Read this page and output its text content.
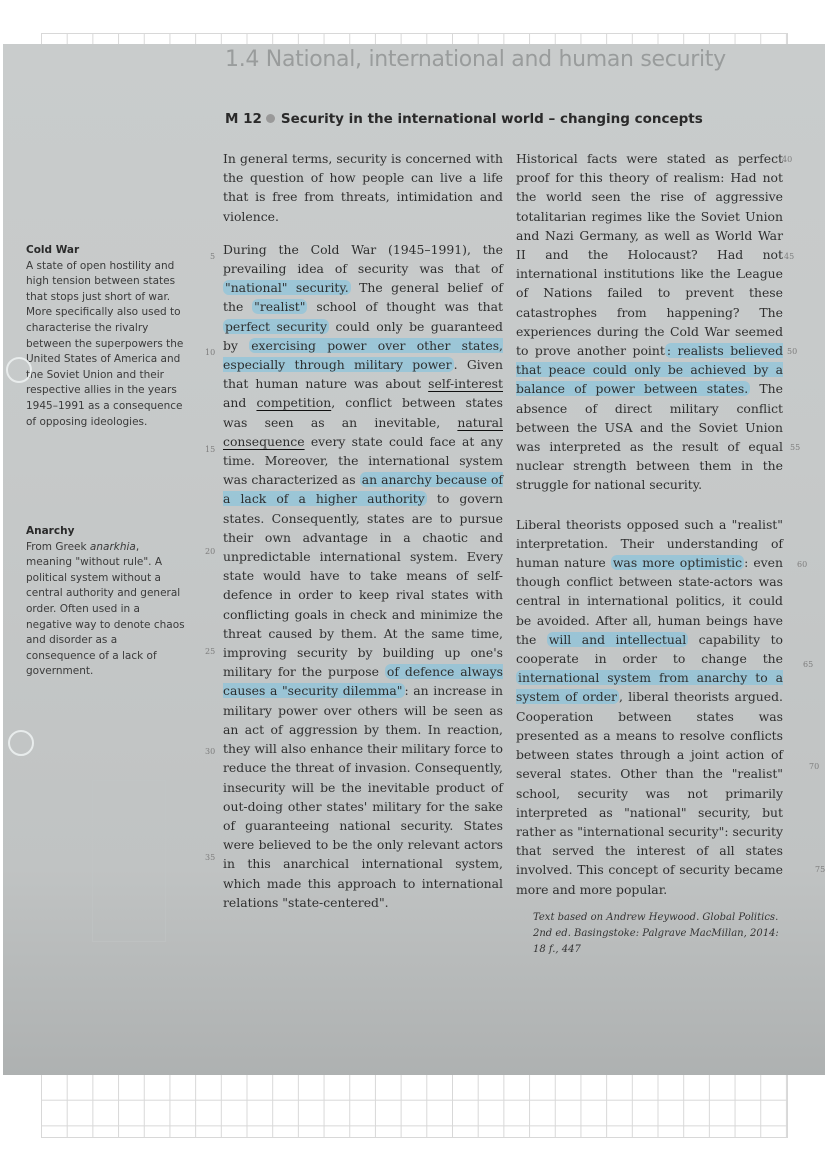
1.4 National, international and human security
M 12 Security in the international world – changing concepts

Cold War

A state of open hostility and high tension between states that stops just short of war. More specifically also used to characterise the rivalry between the superpowers the United States of America and the Soviet Union and their respective allies in the years 1945–1991 as a consequence of opposing ideologies.

Anarchy

From Greek anarkhia, meaning "without rule". A political system without a central authority and general order. Often used in a negative way to denote chaos and disorder as a consequence of a lack of government.

In general terms, security is concerned with the question of how people can live a life that is free from threats, intimidation and violence.

During the Cold War (1945–1991), the prevailing idea of security was that of "national" security. The general belief of the "realist" school of thought was that perfect security could only be guaranteed by exercising power over other states, especially through military power . Given that human nature was about self-interest and competition, conflict between states was seen as an inevitable, natural consequence every state could face at any time. Moreover, the international system was characterized as an anarchy because of a lack of a higher authority to govern states. Consequently, states are to pursue their own advantage in a chaotic and unpredictable international system. Every state would have to take means of self-defence in order to keep rival states with conflicting goals in check and minimize the threat caused by them. At the same time, improving security by building up one's military for the purpose of defence always causes a "security dilemma" : an increase in military power over others will be seen as an act of aggression by them. In reaction, they will also enhance their military force to reduce the threat of invasion. Consequently, insecurity will be the inevitable product of out-doing other states' military for the sake of guaranteeing national security. States were believed to be the only relevant actors in this anarchical international system, which made this approach to international relations "state-centered".

Historical facts were stated as perfect proof for this theory of realism: Had not the world seen the rise of aggressive totalitarian regimes like the Soviet Union and Nazi Germany, as well as World War II and the Holocaust? Had not international institutions like the League of Nations failed to prevent these catastrophes from happening? The experiences during the Cold War seemed to prove another point : realists believed that peace could only be achieved by a balance of power between states. The absence of direct military conflict between the USA and the Soviet Union was interpreted as the result of equal nuclear strength between them in the struggle for national security.

Liberal theorists opposed such a "realist" interpretation. Their understanding of human nature was more optimistic : even though conflict between state-actors was central in international politics, it could be avoided. After all, human beings have the will and intellectual capability to cooperate in order to change the international system from anarchy to a system of order , liberal theorists argued. Cooperation between states was presented as a means to resolve conflicts between states through a joint action of several states. Other than the "realist" school, security was not primarily interpreted as "national" security, but rather as "international security": security that served the interest of all states involved. This concept of security became more and more popular.

5
10
15
20
25
30
35
40
45
50
55
60
65
70
75
Text based on Andrew Heywood. Global Politics. 2nd ed. Basingstoke: Palgrave MacMillan, 2014: 18 f., 447
